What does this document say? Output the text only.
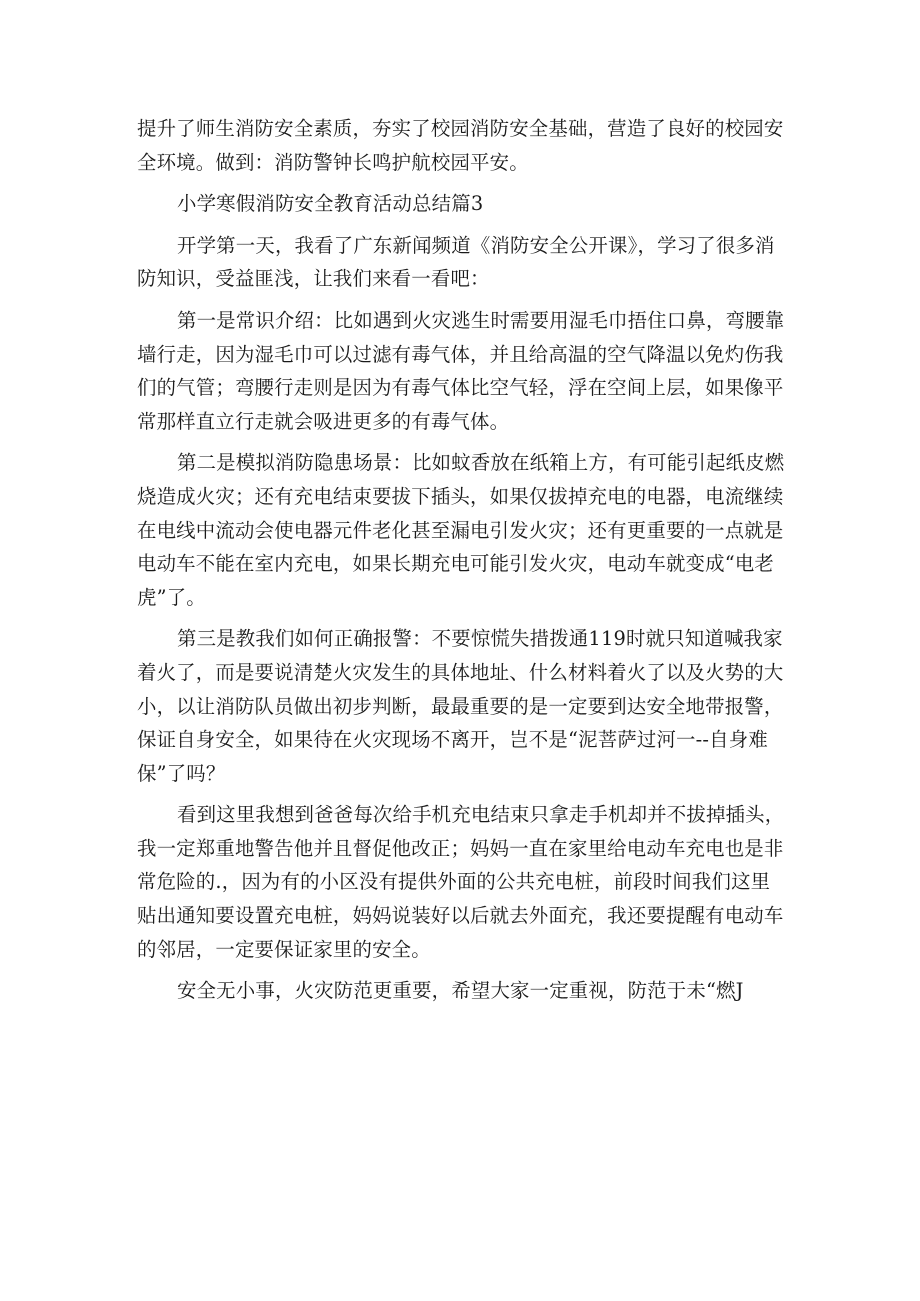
提升了师生消防安全素质，夯实了校园消防安全基础，营造了良好的校园安
全环境。做到：消防警钟长鸣护航校园平安。
小学寒假消防安全教育活动总结篇3
开学第一天，我看了广东新闻频道《消防安全公开课》，学习了很多消
防知识，受益匪浅，让我们来看一看吧：
第一是常识介绍：比如遇到火灾逃生时需要用湿毛巾捂住口鼻，弯腰靠
墙行走，因为湿毛巾可以过滤有毒气体，并且给高温的空气降温以免灼伤我
们的气管；弯腰行走则是因为有毒气体比空气轻，浮在空间上层，如果像平
常那样直立行走就会吸进更多的有毒气体。
第二是模拟消防隐患场景：比如蚊香放在纸箱上方，有可能引起纸皮燃
烧造成火灾；还有充电结束要拔下插头，如果仅拔掉充电的电器，电流继续
在电线中流动会使电器元件老化甚至漏电引发火灾；还有更重要的一点就是
电动车不能在室内充电，如果长期充电可能引发火灾，电动车就变成“电老
虎”了。
第三是教我们如何正确报警：不要惊慌失措拨通119时就只知道喊我家
着火了，而是要说清楚火灾发生的具体地址、什么材料着火了以及火势的大
小，以让消防队员做出初步判断，最最重要的是一定要到达安全地带报警，
保证自身安全，如果待在火灾现场不离开，岂不是“泥菩萨过河一--自身难
保”了吗？
看到这里我想到爸爸每次给手机充电结束只拿走手机却并不拔掉插头，
我一定郑重地警告他并且督促他改正；妈妈一直在家里给电动车充电也是非
常危险的.，因为有的小区没有提供外面的公共充电桩，前段时间我们这里
贴出通知要设置充电桩，妈妈说装好以后就去外面充，我还要提醒有电动车
的邻居，一定要保证家里的安全。
安全无小事，火灾防范更重要，希望大家一定重视，防范于未“燃J
